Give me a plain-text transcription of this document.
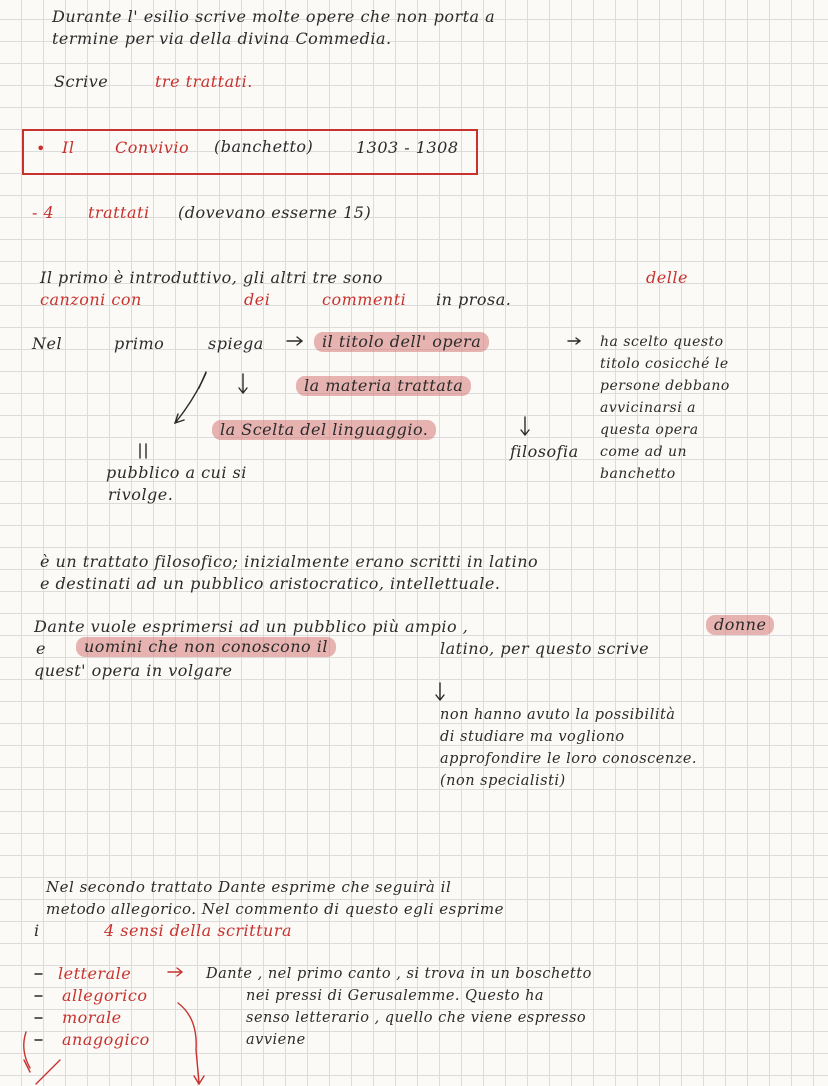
Durante l' esilio scrive molte opere che non porta a
termine per via della divina Commedia.
Scrive	tre trattati.
• Il	Convivio (banchetto)	1303 - 1308
- 4 trattati (dovevano esserne 15)
Il primo è introduttivo, gli altri tre sono	delle
canzoni con	dei	commenti in prosa.
Nel	primo	spiega	il titolo dell' opera
la materia trattata
la Scelta del linguaggio.
filosofia
pubblico a cui si
rivolge.
ha scelto questo
titolo cosicché le
persone debbano
avvicinarsi a
questa opera
come ad un
banchetto
è un trattato filosofico; inizialmente erano scritti in latino
e destinati ad un pubblico aristocratico, intellettuale.
Dante vuole esprimersi ad un pubblico più ampio ,	donne
e	uomini che non conoscono il	latino, per questo scrive
quest' opera in volgare
non hanno avuto la possibilità
di studiare ma vogliono
approfondire le loro conoscenze.
(non specialisti)
Nel secondo trattato Dante esprime che seguirà il
metodo allegorico. Nel commento di questo egli esprime
i	4 sensi della scrittura
letterale
allegorico
morale
anagogico
Dante , nel primo canto , si trova in un boschetto
nei pressi di Gerusalemme. Questo ha
senso letterario , quello che viene espresso
avviene
